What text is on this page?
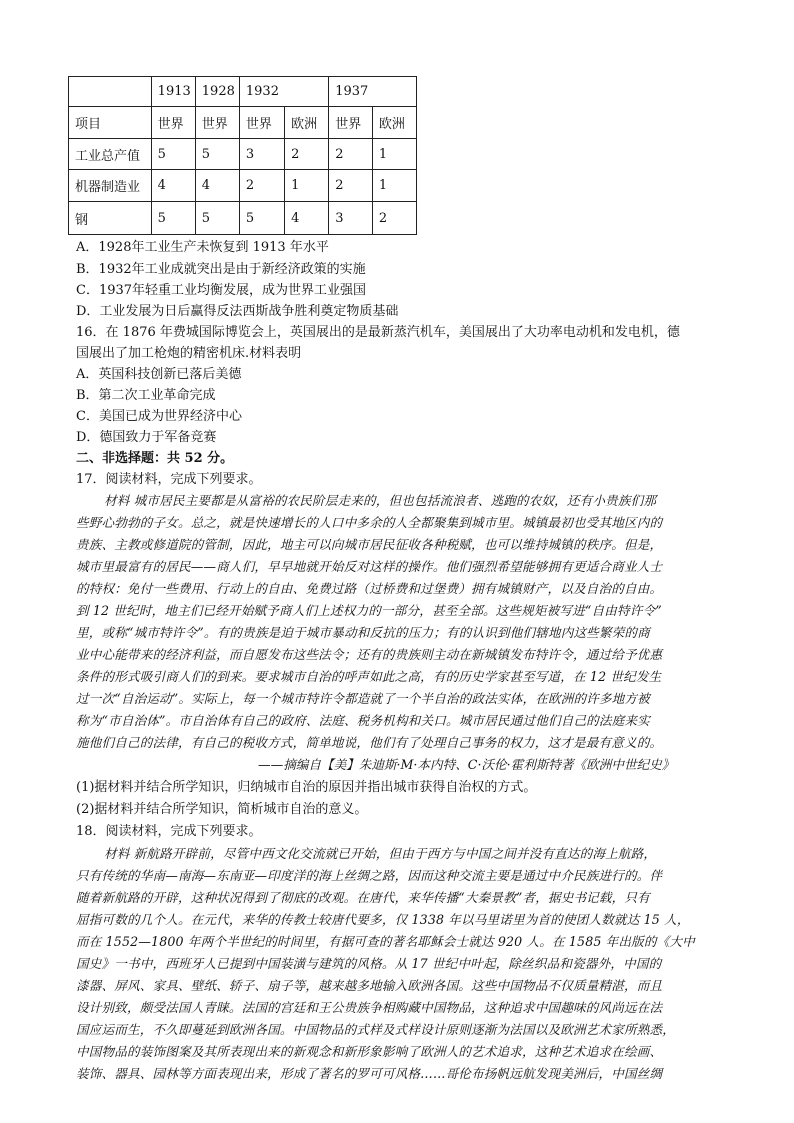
	1913	1928	1932		1937	
项目	世界	世界	世界	欧洲	世界	欧洲
工业总产值	5	5	3	2	2	1
机器制造业	4	4	2	1	2	1
钢	5	5	5	4	3	2
A．1928年工业生产未恢复到 1913 年水平
B．1932年工业成就突出是由于新经济政策的实施
C．1937年轻重工业均衡发展，成为世界工业强国
D．工业发展为日后赢得反法西斯战争胜利奠定物质基础
16．在 1876 年费城国际博览会上，英国展出的是最新蒸汽机车，美国展出了大功率电动机和发电机，德
国展出了加工枪炮的精密机床.材料表明
A．英国科技创新已落后美德
B．第二次工业革命完成
C．美国已成为世界经济中心
D．德国致力于军备竞赛
二、非选择题：共 52 分。
17．阅读材料，完成下列要求。
材料 城市居民主要都是从富裕的农民阶层走来的，但也包括流浪者、逃跑的农奴，还有小贵族们那
些野心勃勃的子女。总之，就是快速增长的人口中多余的人全都聚集到城市里。城镇最初也受其地区内的
贵族、主教或修道院的管制，因此，地主可以向城市居民征收各种税赋，也可以维持城镇的秩序。但是，
城市里最富有的居民——商人们，早早地就开始反对这样的操作。他们强烈希望能够拥有更适合商业人士
的特权：免付一些费用、行动上的自由、免费过路（过桥费和过堡费）拥有城镇财产，以及自治的自由。
到 12 世纪时，地主们已经开始赋予商人们上述权力的一部分，甚至全部。这些规矩被写进“自由特许令”
里，或称“城市特许令”。有的贵族是迫于城市暴动和反抗的压力；有的认识到他们辖地内这些繁荣的商
业中心能带来的经济利益，而自愿发布这些法令；还有的贵族则主动在新城镇发布特许令，通过给予优惠
条件的形式吸引商人们的到来。要求城市自治的呼声如此之高，有的历史学家甚至写道，在 12 世纪发生
过一次“自治运动”。实际上，每一个城市特许令都造就了一个半自治的政法实体，在欧洲的许多地方被
称为“市自治体”。市自治体有自己的政府、法庭、税务机构和关口。城市居民通过他们自己的法庭来实
施他们自己的法律，有自己的税收方式，简单地说，他们有了处理自己事务的权力，这才是最有意义的。
——摘编自【美】朱迪斯·M·本内特、C·沃伦·霍利斯特著《欧洲中世纪史》
(1)据材料并结合所学知识，归纳城市自治的原因并指出城市获得自治权的方式。
(2)据材料并结合所学知识，简析城市自治的意义。
18．阅读材料，完成下列要求。
材料 新航路开辟前，尽管中西文化交流就已开始，但由于西方与中国之间并没有直达的海上航路，
只有传统的华南—南海—东南亚—印度洋的海上丝绸之路，因而这种交流主要是通过中介民族进行的。伴
随着新航路的开辟，这种状况得到了彻底的改观。在唐代，来华传播“大秦景教”者，据史书记载，只有
屈指可数的几个人。在元代，来华的传教士较唐代要多，仅 1338 年以马里诺里为首的使团人数就达 15 人，
而在 1552—1800 年两个半世纪的时间里，有据可查的著名耶稣会士就达 920 人。在 1585 年出版的《大中
国史》一书中，西班牙人已提到中国装潢与建筑的风格。从 17 世纪中叶起，除丝织品和瓷器外，中国的
漆器、屏风、家具、壁纸、轿子、扇子等，越来越多地输入欧洲各国。这些中国物品不仅质量精湛，而且
设计别致，颇受法国人青睐。法国的宫廷和王公贵族争相购藏中国物品，这种追求中国趣味的风尚远在法
国应运而生，不久即蔓延到欧洲各国。中国物品的式样及式样设计原则逐渐为法国以及欧洲艺术家所熟悉，
中国物品的装饰图案及其所表现出来的新观念和新形象影响了欧洲人的艺术追求，这种艺术追求在绘画、
装饰、器具、园林等方面表现出来，形成了著名的罗可可风格……哥伦布扬帆远航发现美洲后，中国丝绸
